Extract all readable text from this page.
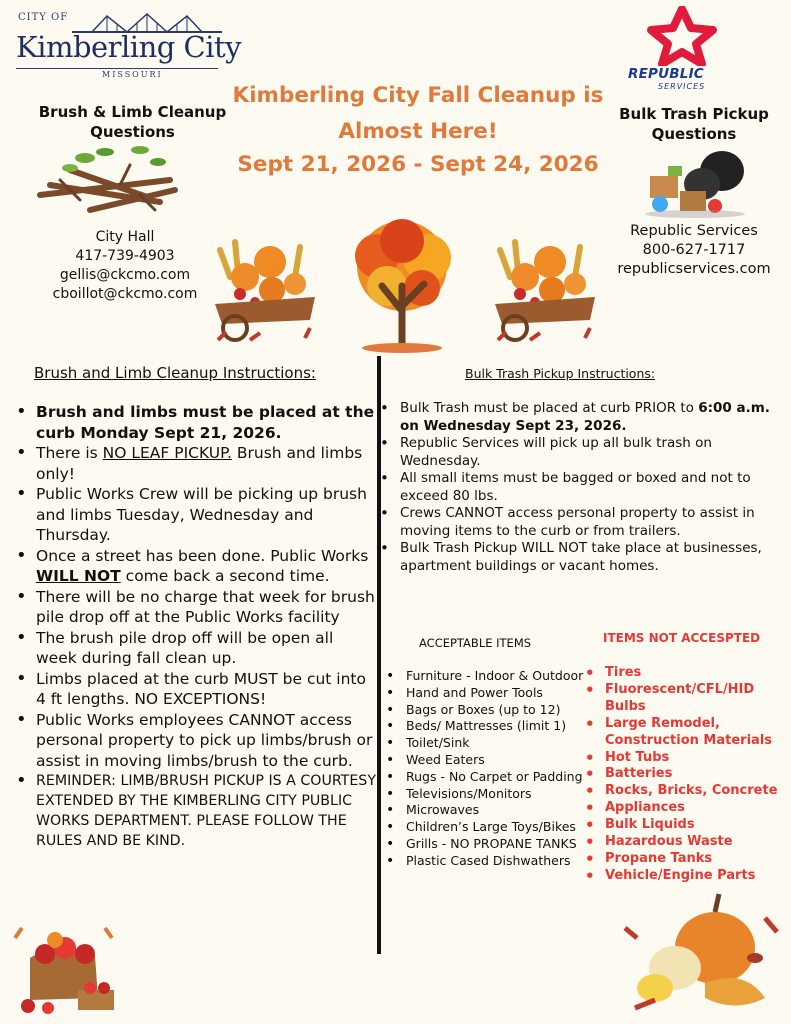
CITY OF
Kimberling City
MISSOURI	REPUBLIC
SERVICES
Kimberling City Fall Cleanup is
Almost Here!
Sept 21, 2026 - Sept 24, 2026
Brush & Limb Cleanup
Questions
City Hall
417-739-4903
gellis@ckcmo.com
cboillot@ckcmo.com
Bulk Trash Pickup
Questions
Republic Services
800-627-1717
republicservices.com
Brush and Limb Cleanup Instructions:
• Brush and limbs must be placed at the curb Monday Sept 21, 2026.
• There is NO LEAF PICKUP. Brush and limbs only!
• Public Works Crew will be picking up brush and limbs Tuesday, Wednesday and Thursday.
• Once a street has been done. Public Works WILL NOT come back a second time.
• There will be no charge that week for brush pile drop off at the Public Works facility
• The brush pile drop off will be open all week during fall clean up.
• Limbs placed at the curb MUST be cut into 4 ft lengths. NO EXCEPTIONS!
• Public Works employees CANNOT access personal property to pick up limbs/brush or assist in moving limbs/brush to the curb.
• REMINDER: LIMB/BRUSH PICKUP IS A COURTESY EXTENDED BY THE KIMBERLING CITY PUBLIC WORKS DEPARTMENT. PLEASE FOLLOW THE RULES AND BE KIND.
Bulk Trash Pickup Instructions:
• Bulk Trash must be placed at curb PRIOR to 6:00 a.m. on Wednesday Sept 23, 2026.
• Republic Services will pick up all bulk trash on Wednesday.
• All small items must be bagged or boxed and not to exceed 80 lbs.
• Crews CANNOT access personal property to assist in moving items to the curb or from trailers.
• Bulk Trash Pickup WILL NOT take place at businesses, apartment buildings or vacant homes.
ACCEPTABLE ITEMS	ITEMS NOT ACCESPTED
• Furniture - Indoor & Outdoor
• Hand and Power Tools
• Bags or Boxes (up to 12)
• Beds/ Mattresses (limit 1)
• Toilet/Sink
• Weed Eaters
• Rugs - No Carpet or Padding
• Televisions/Monitors
• Microwaves
• Children’s Large Toys/Bikes
• Grills - NO PROPANE TANKS
• Plastic Cased Dishwathers
• Tires
• Fluorescent/CFL/HID Bulbs
• Large Remodel, Construction Materials
• Hot Tubs
• Batteries
• Rocks, Bricks, Concrete
• Appliances
• Bulk Liquids
• Hazardous Waste
• Propane Tanks
• Vehicle/Engine Parts
